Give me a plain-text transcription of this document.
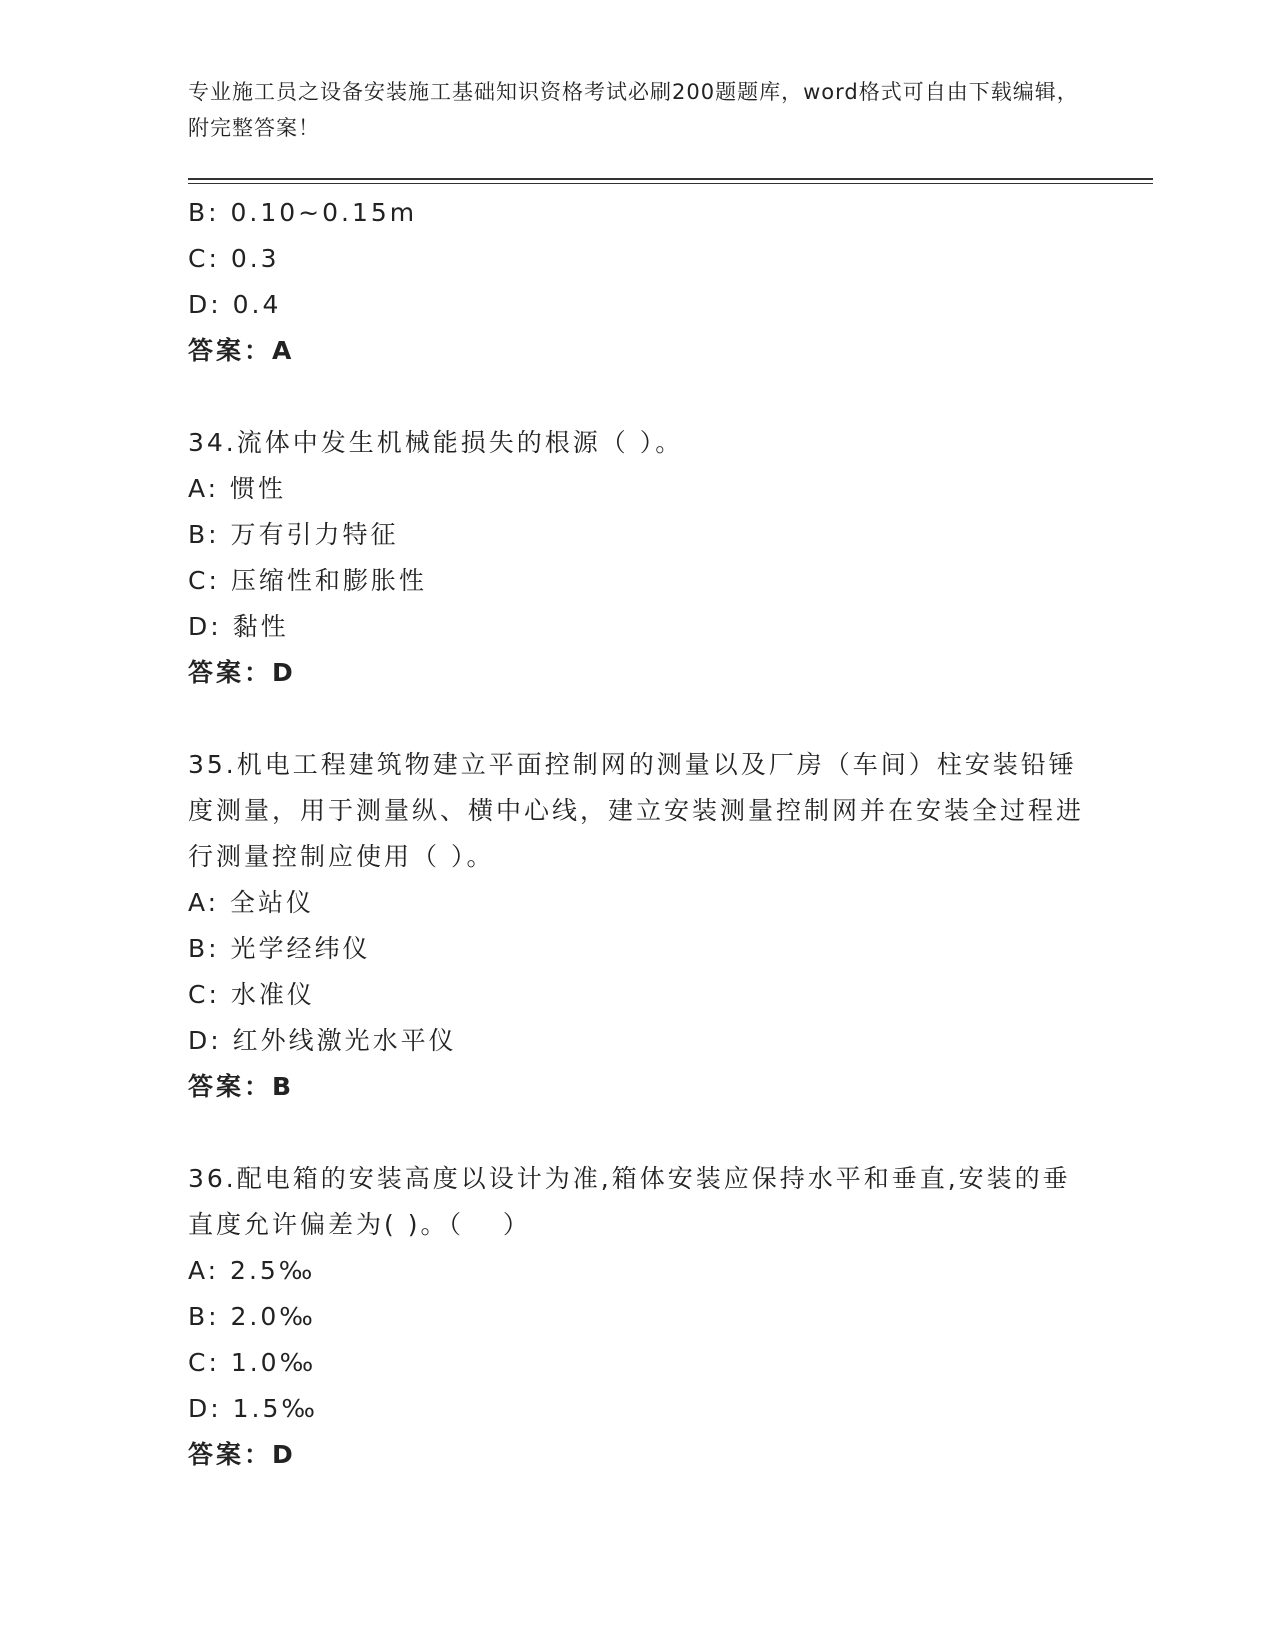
专业施工员之设备安装施工基础知识资格考试必刷200题题库，word格式可自由下载编辑，附完整答案！
B: 0.10~0.15m
C: 0.3
D: 0.4
答案：A
34.流体中发生机械能损失的根源（ ）。
A: 惯性
B: 万有引力特征
C: 压缩性和膨胀性
D: 黏性
答案：D
35.机电工程建筑物建立平面控制网的测量以及厂房（车间）柱安装铅锤度测量，用于测量纵、横中心线，建立安装测量控制网并在安装全过程进行测量控制应使用（ ）。
A: 全站仪
B: 光学经纬仪
C: 水准仪
D: 红外线激光水平仪
答案：B
36.配电箱的安装高度以设计为准,箱体安装应保持水平和垂直,安装的垂直度允许偏差为( )。（　 ）
A: 2.5‰
B: 2.0‰
C: 1.0‰
D: 1.5‰
答案：D
